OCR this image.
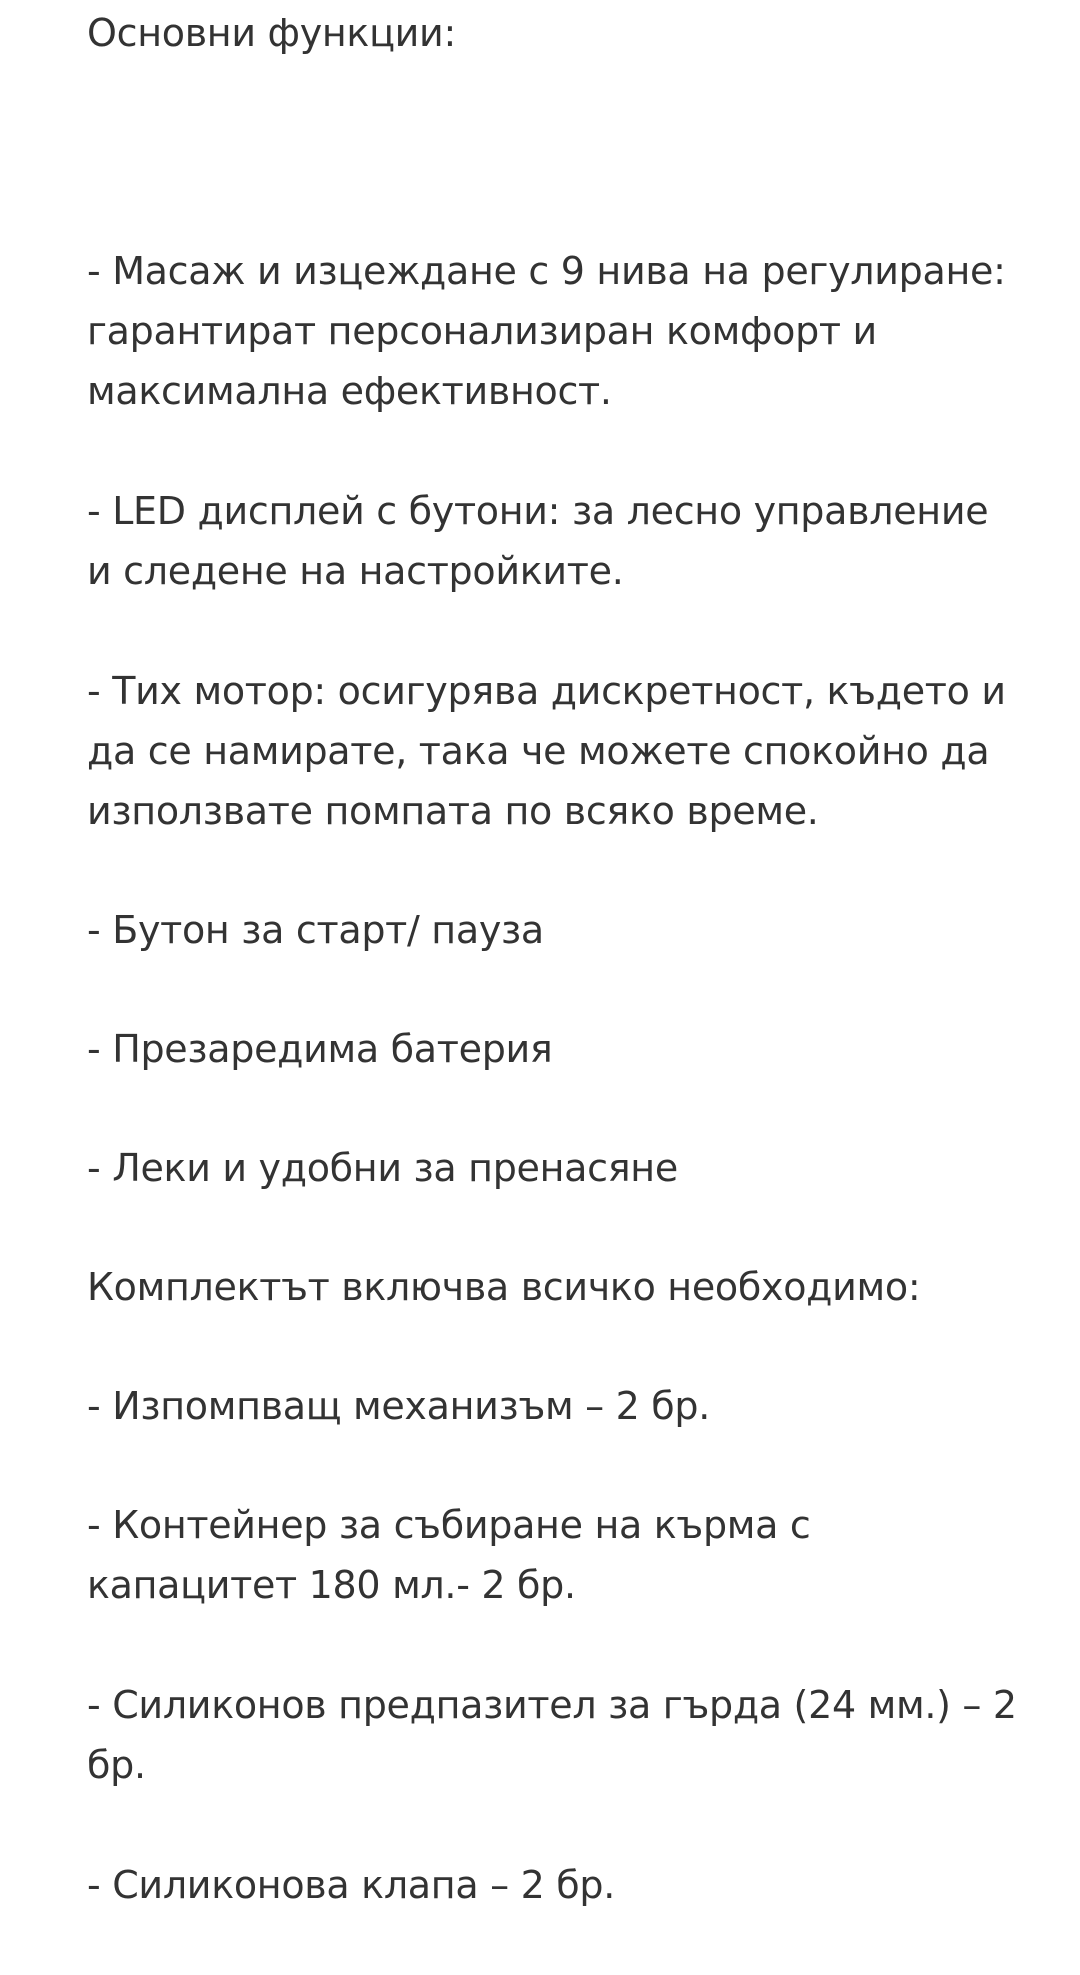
Основни функции:
- Масаж и изцеждане с 9 нива на регулиране:
гарантират персонализиран комфорт и
максимална ефективност.
- LED дисплей с бутони: за лесно управление
и следене на настройките.
- Тих мотор: осигурява дискретност, където и
да се намирате, така че можете спокойно да
използвате помпата по всяко време.
- Бутон за старт/ пауза
- Презаредима батерия
- Леки и удобни за пренасяне
Комплектът включва всичко необходимо:
- Изпомпващ механизъм – 2 бр.
- Контейнер за събиране на кърма с
капацитет 180 мл.- 2 бр.
- Силиконов предпазител за гърда (24 мм.) – 2
бр.
- Силиконова клапа – 2 бр.
